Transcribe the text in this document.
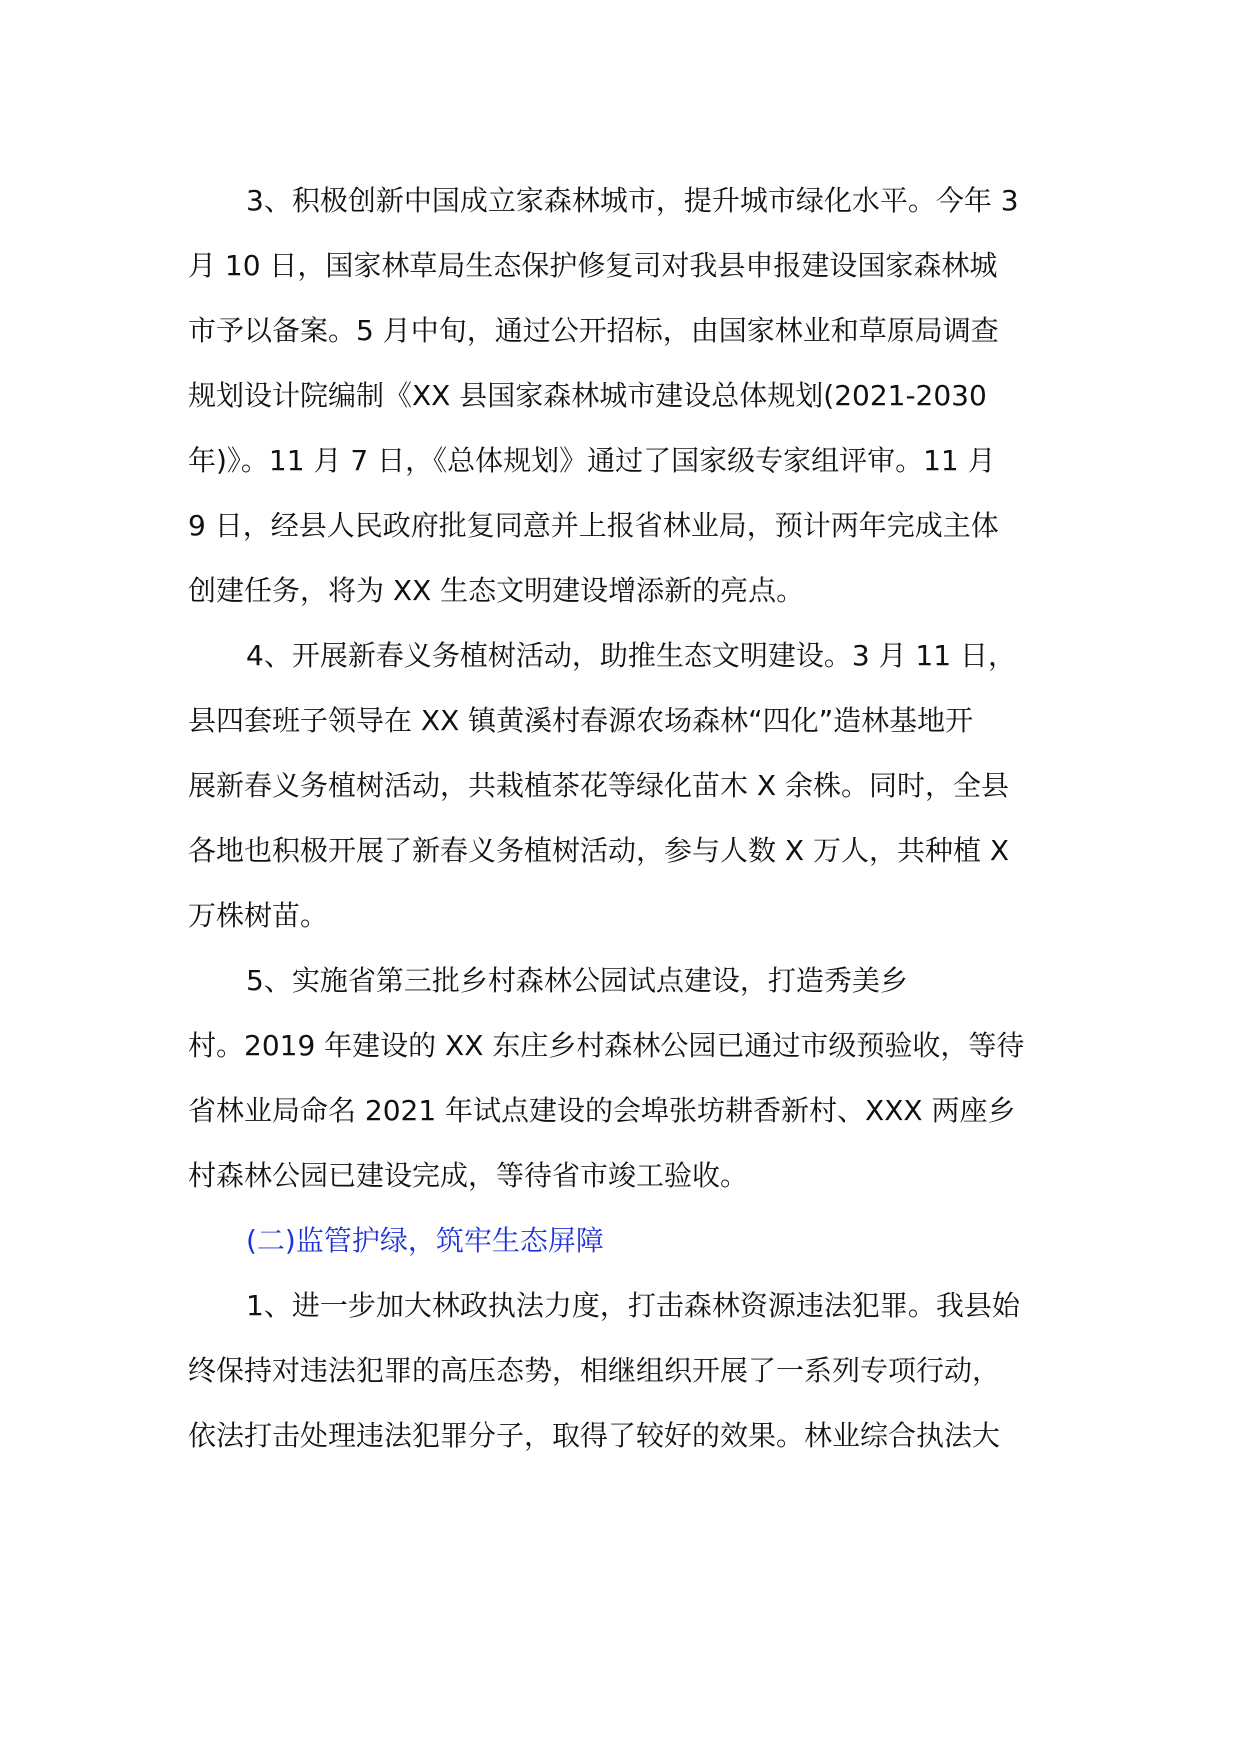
3、积极创新中国成立家森林城市，提升城市绿化水平。今年 3
月 10 日，国家林草局生态保护修复司对我县申报建设国家森林城
市予以备案。5 月中旬，通过公开招标，由国家林业和草原局调查
规划设计院编制《XX 县国家森林城市建设总体规划(2021-2030
年)》。11 月 7 日，《总体规划》通过了国家级专家组评审。11 月
9 日，经县人民政府批复同意并上报省林业局，预计两年完成主体
创建任务，将为 XX 生态文明建设增添新的亮点。
4、开展新春义务植树活动，助推生态文明建设。3 月 11 日，
县四套班子领导在 XX 镇黄溪村春源农场森林“四化”造林基地开
展新春义务植树活动，共栽植茶花等绿化苗木 X 余株。同时，全县
各地也积极开展了新春义务植树活动，参与人数 X 万人，共种植 X
万株树苗。
5、实施省第三批乡村森林公园试点建设，打造秀美乡
村。2019 年建设的 XX 东庄乡村森林公园已通过市级预验收，等待
省林业局命名 2021 年试点建设的会埠张坊耕香新村、XXX 两座乡
村森林公园已建设完成，等待省市竣工验收。
(二)监管护绿，筑牢生态屏障
1、进一步加大林政执法力度，打击森林资源违法犯罪。我县始
终保持对违法犯罪的高压态势，相继组织开展了一系列专项行动，
依法打击处理违法犯罪分子，取得了较好的效果。林业综合执法大
